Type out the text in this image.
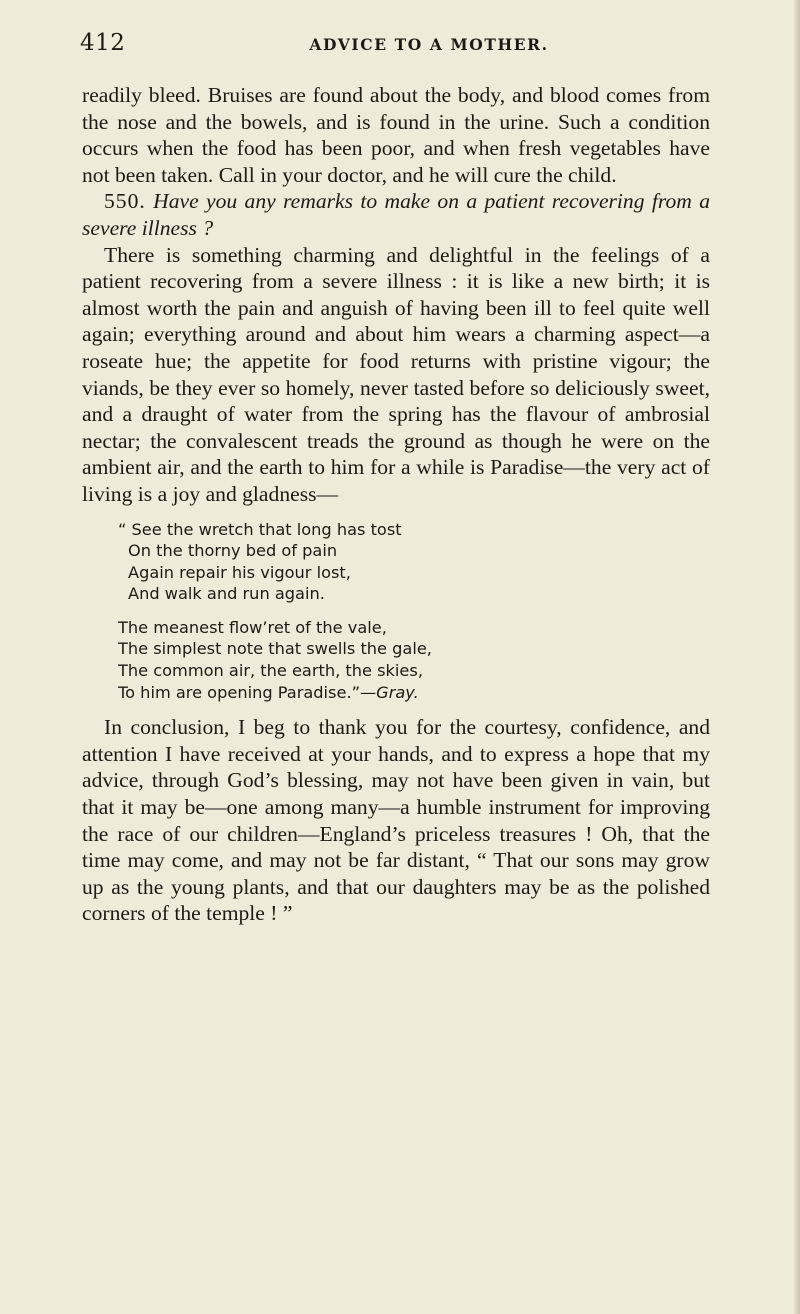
412	ADVICE TO A MOTHER.

readily bleed. Bruises are found about the body, and blood comes from the nose and the bowels, and is found in the urine. Such a condition occurs when the food has been poor, and when fresh vegetables have not been taken. Call in your doctor, and he will cure the child.

550. Have you any remarks to make on a patient recovering from a severe illness ?

There is something charming and delightful in the feelings of a patient recovering from a severe illness : it is like a new birth; it is almost worth the pain and anguish of having been ill to feel quite well again; everything around and about him wears a charming aspect—a roseate hue; the appetite for food returns with pristine vigour; the viands, be they ever so homely, never tasted before so deliciously sweet, and a draught of water from the spring has the flavour of ambrosial nectar; the convalescent treads the ground as though he were on the ambient air, and the earth to him for a while is Paradise—the very act of living is a joy and gladness—

“ See the wretch that long has tost
On the thorny bed of pain
Again repair his vigour lost,
And walk and run again.
The meanest flow’ret of the vale,
The simplest note that swells the gale,
The common air, the earth, the skies,
To him are opening Paradise.”—Gray.

In conclusion, I beg to thank you for the courtesy, confidence, and attention I have received at your hands, and to express a hope that my advice, through God’s blessing, may not have been given in vain, but that it may be—one among many—a humble instrument for improving the race of our children—England’s priceless treasures ! Oh, that the time may come, and may not be far distant, “ That our sons may grow up as the young plants, and that our daughters may be as the polished corners of the temple ! ”
